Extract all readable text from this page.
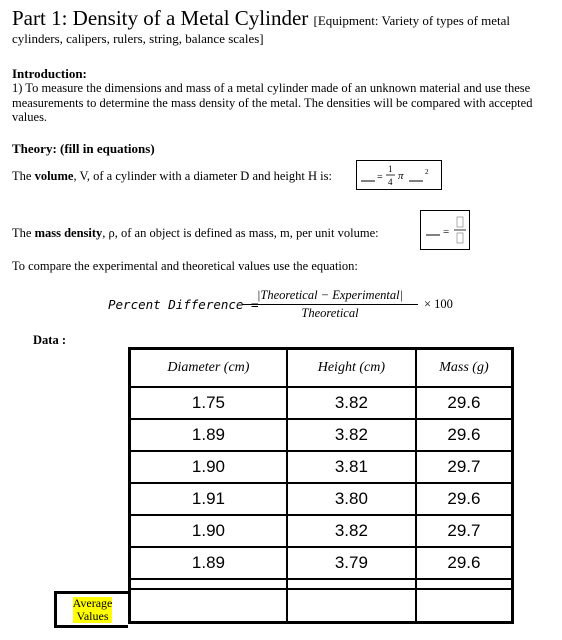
Part 1: Density of a Metal Cylinder [Equipment: Variety of types of metal
cylinders, calipers, rulers, string, balance scales]
Introduction:
1) To measure the dimensions and mass of a metal cylinder made of an unknown material and use these measurements to determine the mass density of the metal. The densities will be compared with accepted values.
Theory: (fill in equations)
The volume, V, of a cylinder with a diameter D and height H is:	=
1
4 π	2
The mass density, ρ, of an object is defined as mass, m, per unit volume:	=
To compare the experimental and theoretical values use the equation:
Percent Difference =
|Theoretical − Experimental|
Theoretical
× 100
Data :
Diameter (cm)	Height (cm)	Mass (g)
1.75	3.82	29.6
1.89	3.82	29.6
1.90	3.81	29.7
1.91	3.80	29.6
1.90	3.82	29.7
1.89	3.79	29.6

Average
Values
